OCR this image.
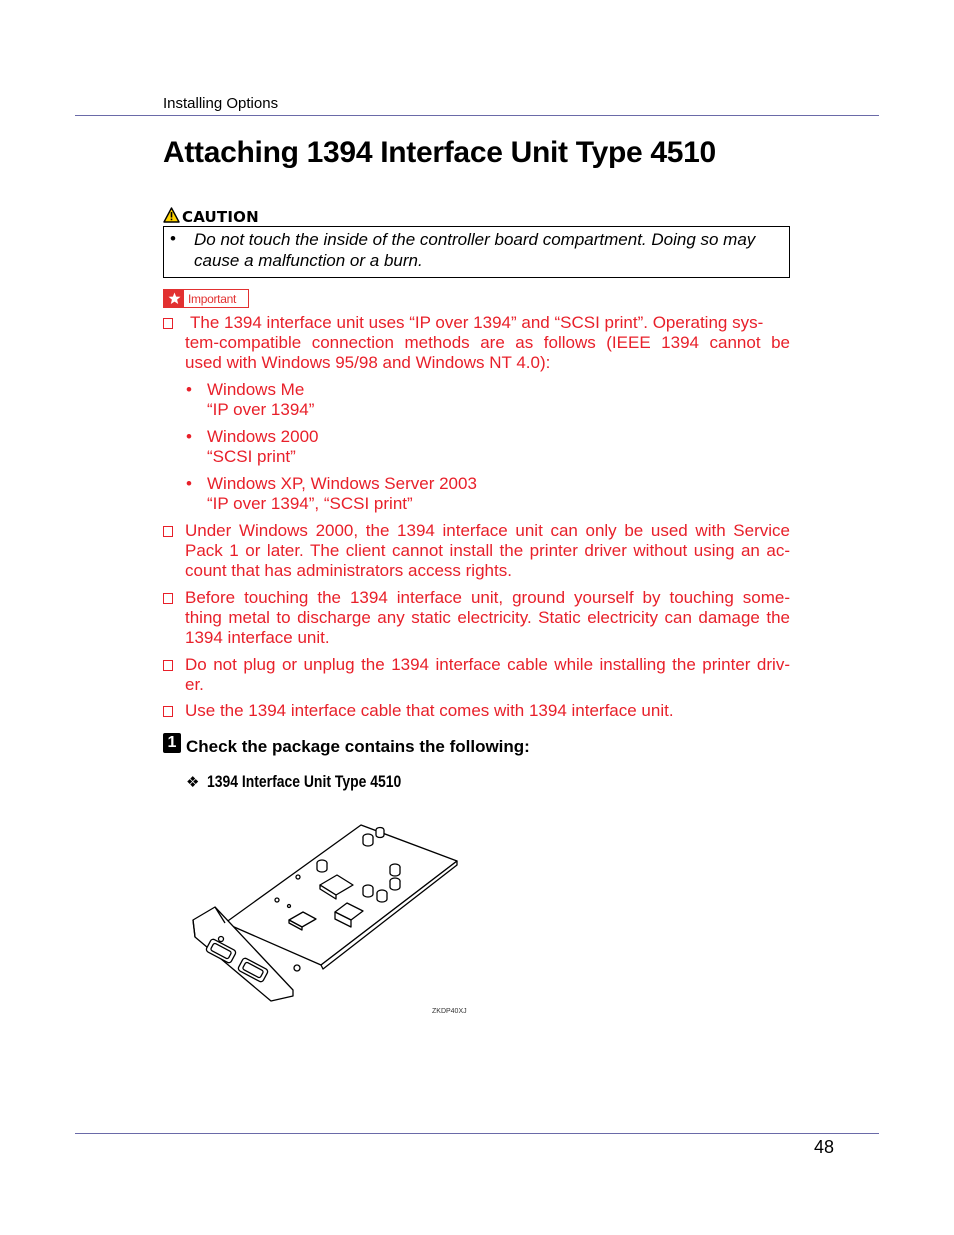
Installing Options
Attaching 1394 Interface Unit Type 4510
CAUTION
• Do not touch the inside of the controller board compartment. Doing so may
cause a malfunction or a burn.
Important
The 1394 interface unit uses “IP over 1394” and “SCSI print”. Operating sys-
tem-compatible connection methods are as follows (IEEE 1394 cannot be
used with Windows 95/98 and Windows NT 4.0):
• Windows Me
“IP over 1394”
• Windows 2000
“SCSI print”
• Windows XP, Windows Server 2003
“IP over 1394”, “SCSI print”
Under Windows 2000, the 1394 interface unit can only be used with Service
Pack 1 or later. The client cannot install the printer driver without using an ac-
count that has administrators access rights.
Before touching the 1394 interface unit, ground yourself by touching some-
thing metal to discharge any static electricity. Static electricity can damage the
1394 interface unit.
Do not plug or unplug the 1394 interface cable while installing the printer driv-
er.
Use the 1394 interface cable that comes with 1394 interface unit.
1 Check the package contains the following:
❖ 1394 Interface Unit Type 4510
ZKDP40XJ
48
